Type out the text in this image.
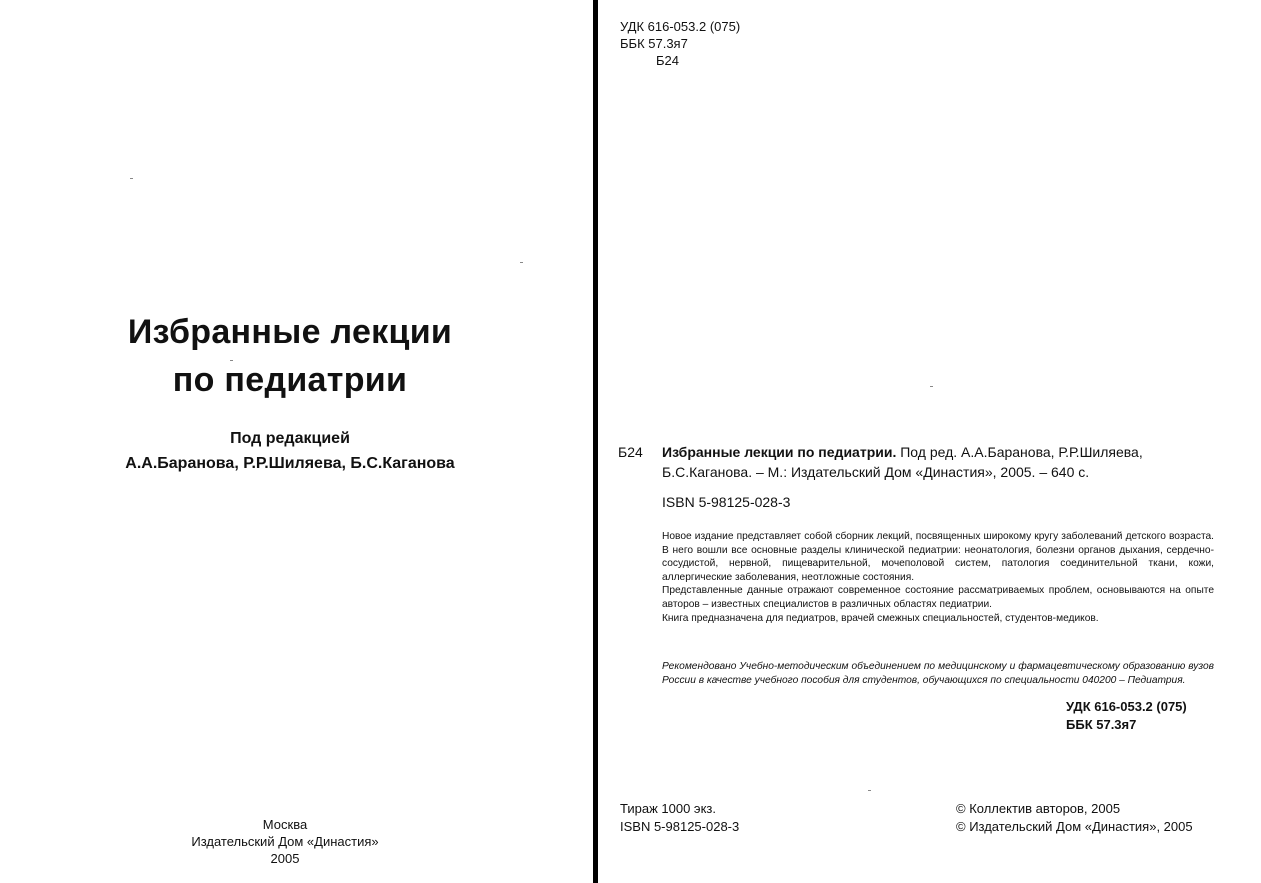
Избранные лекции
по педиатрии
Под редакцией
А.А.Баранова, Р.Р.Шиляева, Б.С.Каганова
Москва
Издательский Дом «Династия»
2005
УДК 616-053.2 (075)
ББК 57.3я7
Б24
Б24 Избранные лекции по педиатрии. Под ред. А.А.Баранова, Р.Р.Шиляева, Б.С.Каганова. – М.: Издательский Дом «Династия», 2005. – 640 с.
ISBN 5-98125-028-3

Новое издание представляет собой сборник лекций, посвященных широкому кругу заболеваний детского возраста. В него вошли все основные разделы клинической педиатрии: неонатология, болезни органов дыхания, сердечно-сосудистой, нервной, пищеварительной, мочеполовой систем, патология соединительной ткани, кожи, аллергические заболевания, неотложные состояния.

Представленные данные отражают современное состояние рассматриваемых проблем, основываются на опыте авторов – известных специалистов в различных областях педиатрии.

Книга предназначена для педиатров, врачей смежных специальностей, студентов-медиков.

Рекомендовано Учебно-методическим объединением по медицинскому и фармацевтическому образованию вузов России в качестве учебного пособия для студентов, обучающихся по специальности 040200 – Педиатрия.
УДК 616-053.2 (075)
ББК 57.3я7
Тираж 1000 экз.
ISBN 5-98125-028-3
© Коллектив авторов, 2005
© Издательский Дом «Династия», 2005
